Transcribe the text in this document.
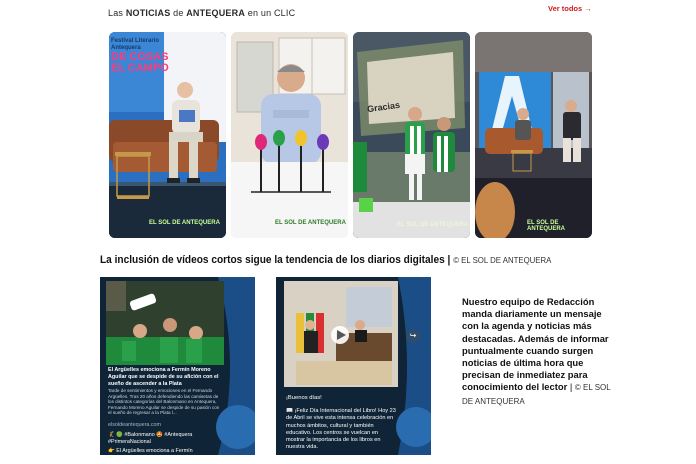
Las NOTICIAS de ANTEQUERA en un CLIC	Ver todos →
Festival Literario Antequera
DE COSAS
EL CAMPO
EL SOL DE ANTEQUERA	EL SOL DE ANTEQUERA
Gracias
EL SOL DE ANTEQUERA	EL SOL DE ANTEQUERA
La inclusión de vídeos cortos sigue la tendencia de los diarios digitales | © EL SOL DE ANTEQUERA
El Argüelles emociona a Fermín Moreno Aguilar que se despide de su afición con el sueño de ascender a la Plata
Tarde de sentimientos y emociones en el Fernando Argüelles. Tras 20 años defendiendo las camisetas de los distintos categorías del Balonmano en Antequera, Fernando Moreno Aguilar se despide de su pasión con el sueño de regresar a la Plata l...
elsoldeantequera.com
🤾 🟢 #Balonmano 🤩 #Antequera #PrimeraNacional
👉 El Argüelles emociona a Fermín
↪
¡Buenos días!
📖 ¡Feliz Día Internacional del Libro! Hoy 23 de Abril se vive esta intensa celebración en muchos ámbitos, cultural y también educativo. Los centros se vuelcan en mostrar la importancia de los libros en nuestra vida.
Nuestro equipo de Redacción manda diariamente un mensaje con la agenda y noticias más destacadas. Además de informar puntualmente cuando surgen noticias de última hora que precisan de inmediatez para conocimiento del lector | © EL SOL DE ANTEQUERA
